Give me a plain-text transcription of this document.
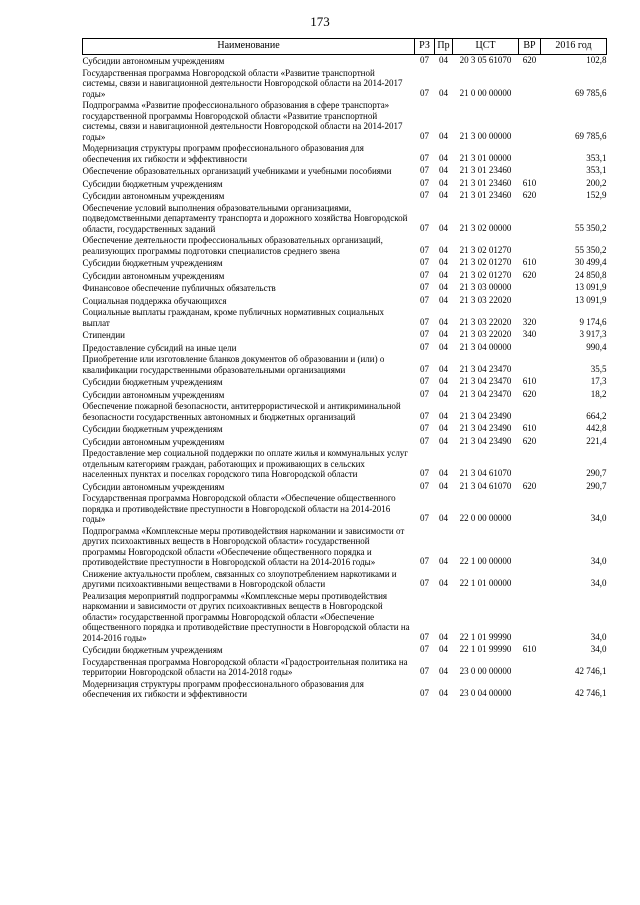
173
Наименование	РЗ	Пр	ЦСТ	ВР	2016 год
Субсидии автономным учреждениям	07	04	20 3 05 61070	620	102,8
Государственная программа Новгородской области «Развитие транспортной системы, связи и навигационной деятельности Новгородской области на 2014-2017 годы»	07	04	21 0 00 00000		69 785,6
Подпрограмма «Развитие профессионального образования в сфере транспорта» государственной программы Новгородской области «Развитие транспортной системы, связи и навигационной деятельности Новгородской области на 2014-2017 годы»	07	04	21 3 00 00000		69 785,6
Модернизация структуры программ профессионального образования для обеспечения их гибкости и эффективности	07	04	21 3 01 00000		353,1
Обеспечение образовательных организаций учебниками и учебными пособиями	07	04	21 3 01 23460		353,1
Субсидии бюджетным учреждениям	07	04	21 3 01 23460	610	200,2
Субсидии автономным учреждениям	07	04	21 3 01 23460	620	152,9
Обеспечение условий выполнения образовательными организациями, подведомственными департаменту транспорта и дорожного хозяйства Новгородской области, государственных заданий	07	04	21 3 02 00000		55 350,2
Обеспечение деятельности профессиональных образовательных организаций, реализующих программы подготовки специалистов среднего звена	07	04	21 3 02 01270		55 350,2
Субсидии бюджетным учреждениям	07	04	21 3 02 01270	610	30 499,4
Субсидии автономным учреждениям	07	04	21 3 02 01270	620	24 850,8
Финансовое обеспечение публичных обязательств	07	04	21 3 03 00000		13 091,9
Социальная поддержка обучающихся	07	04	21 3 03 22020		13 091,9
Социальные выплаты гражданам, кроме публичных нормативных социальных выплат	07	04	21 3 03 22020	320	9 174,6
Стипендии	07	04	21 3 03 22020	340	3 917,3
Предоставление субсидий на иные цели	07	04	21 3 04 00000		990,4
Приобретение или изготовление бланков документов об образовании и (или) о квалификации государственными образовательными организациями	07	04	21 3 04 23470		35,5
Субсидии бюджетным учреждениям	07	04	21 3 04 23470	610	17,3
Субсидии автономным учреждениям	07	04	21 3 04 23470	620	18,2
Обеспечение пожарной безопасности, антитеррористической и антикриминальной безопасности государственных автономных и бюджетных организаций	07	04	21 3 04 23490		664,2
Субсидии бюджетным учреждениям	07	04	21 3 04 23490	610	442,8
Субсидии автономным учреждениям	07	04	21 3 04 23490	620	221,4
Предоставление мер социальной поддержки по оплате жилья и коммунальных услуг отдельным категориям граждан, работающих и проживающих в сельских населенных пунктах и поселках городского типа Новгородской области	07	04	21 3 04 61070		290,7
Субсидии автономным учреждениям	07	04	21 3 04 61070	620	290,7
Государственная программа Новгородской области «Обеспечение общественного порядка и противодействие преступности в Новгородской области на 2014-2016 годы»	07	04	22 0 00 00000		34,0
Подпрограмма «Комплексные меры противодействия наркомании и зависимости от других психоактивных веществ в Новгородской области» государственной программы Новгородской области «Обеспечение общественного порядка и противодействие преступности в Новгородской области на 2014-2016 годы»	07	04	22 1 00 00000		34,0
Снижение актуальности проблем, связанных со злоупотреблением наркотиками и другими психоактивными веществами в Новгородской области	07	04	22 1 01 00000		34,0
Реализация мероприятий подпрограммы «Комплексные меры противодействия наркомании и зависимости от других психоактивных веществ в Новгородской области» государственной программы Новгородской области «Обеспечение общественного порядка и противодействие преступности в Новгородской области на 2014-2016 годы»	07	04	22 1 01 99990		34,0
Субсидии бюджетным учреждениям	07	04	22 1 01 99990	610	34,0
Государственная программа Новгородской области «Градостроительная политика на территории Новгородской области на 2014-2018 годы»	07	04	23 0 00 00000		42 746,1
Модернизация структуры программ профессионального образования для обеспечения их гибкости и эффективности	07	04	23 0 04 00000		42 746,1
